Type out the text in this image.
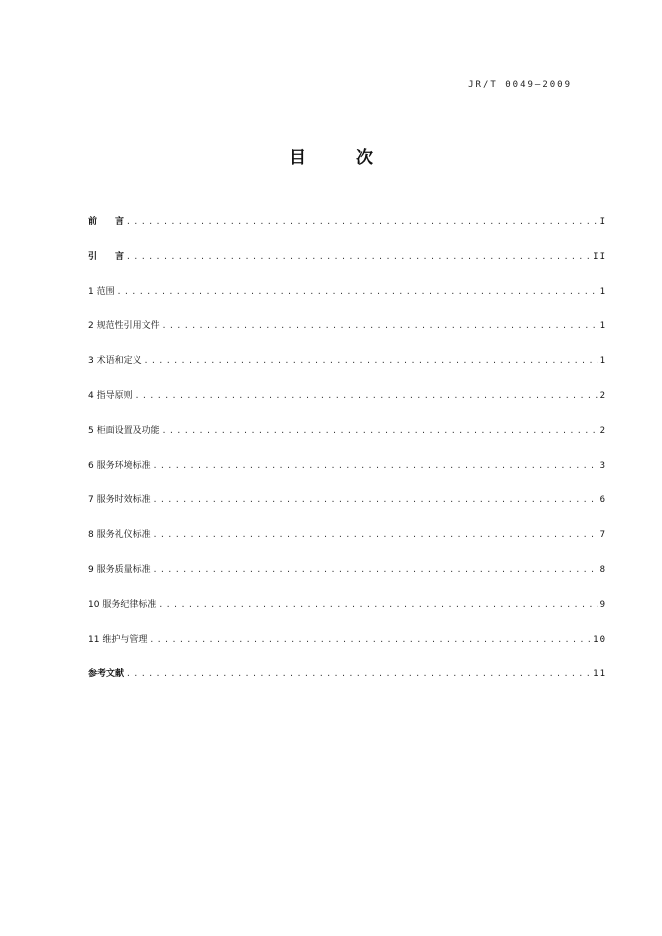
JR/T 0049—2009
目 次
前　　言 .....	I
引　　言 .....	II
1 范围 .....	1
2 规范性引用文件 .....	1
3 术语和定义 .....	1
4 指导原则 .....	2
5 柜面设置及功能 .....	2
6 服务环境标准 .....	3
7 服务时效标准 .....	6
8 服务礼仪标准 .....	7
9 服务质量标准 .....	8
10 服务纪律标准 .....	9
11 维护与管理 .....	10
参考文献 .....	11
